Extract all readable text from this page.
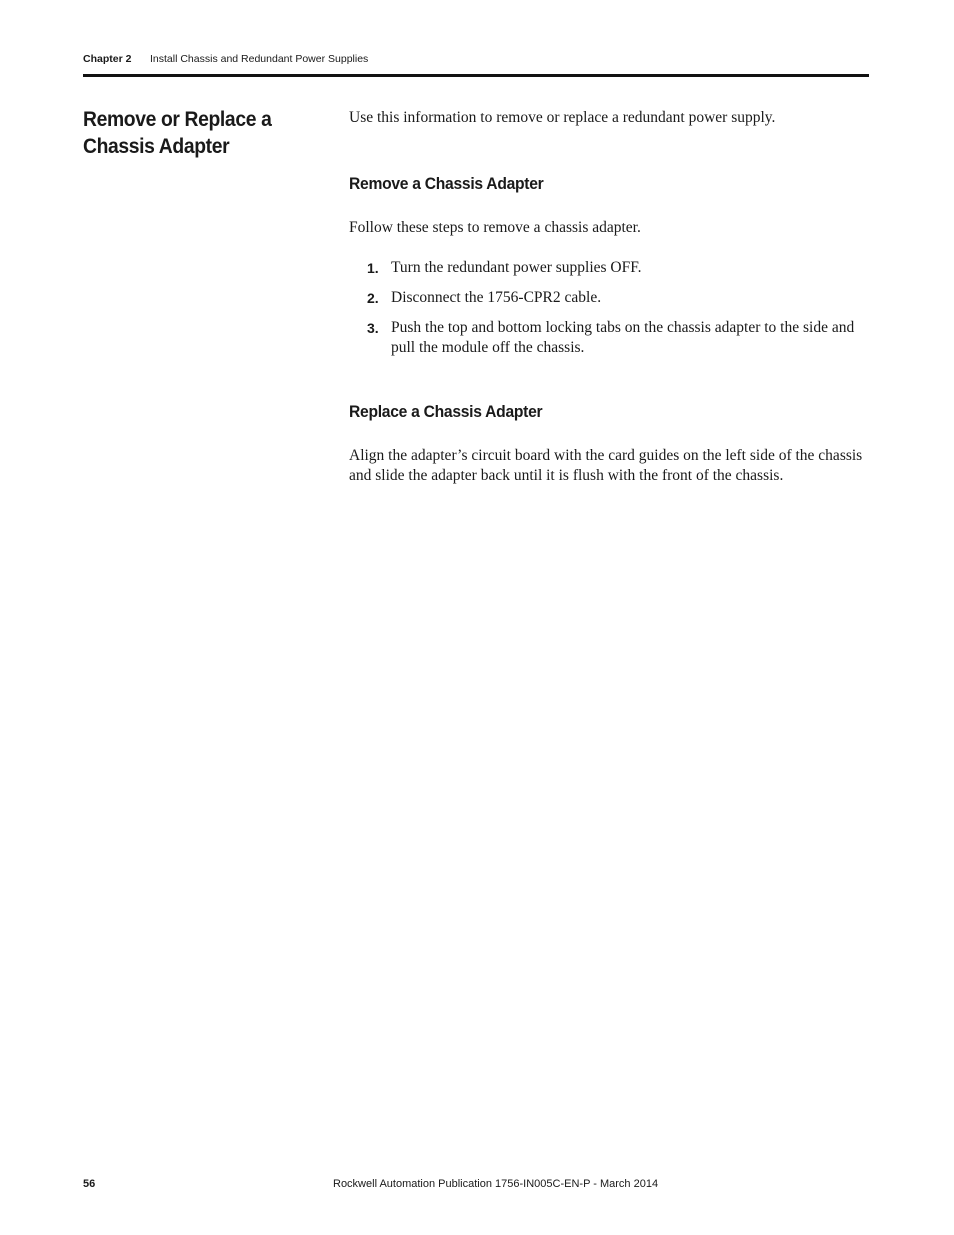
Chapter 2	Install Chassis and Redundant Power Supplies
Remove or Replace a Chassis Adapter

Use this information to remove or replace a redundant power supply.

Remove a Chassis Adapter

Follow these steps to remove a chassis adapter.

1. Turn the redundant power supplies OFF.
2. Disconnect the 1756-CPR2 cable.
3. Push the top and bottom locking tabs on the chassis adapter to the side and pull the module off the chassis.
Replace a Chassis Adapter

Align the adapter’s circuit board with the card guides on the left side of the chassis and slide the adapter back until it is flush with the front of the chassis.

56	Rockwell Automation Publication 1756-IN005C-EN-P - March 2014
